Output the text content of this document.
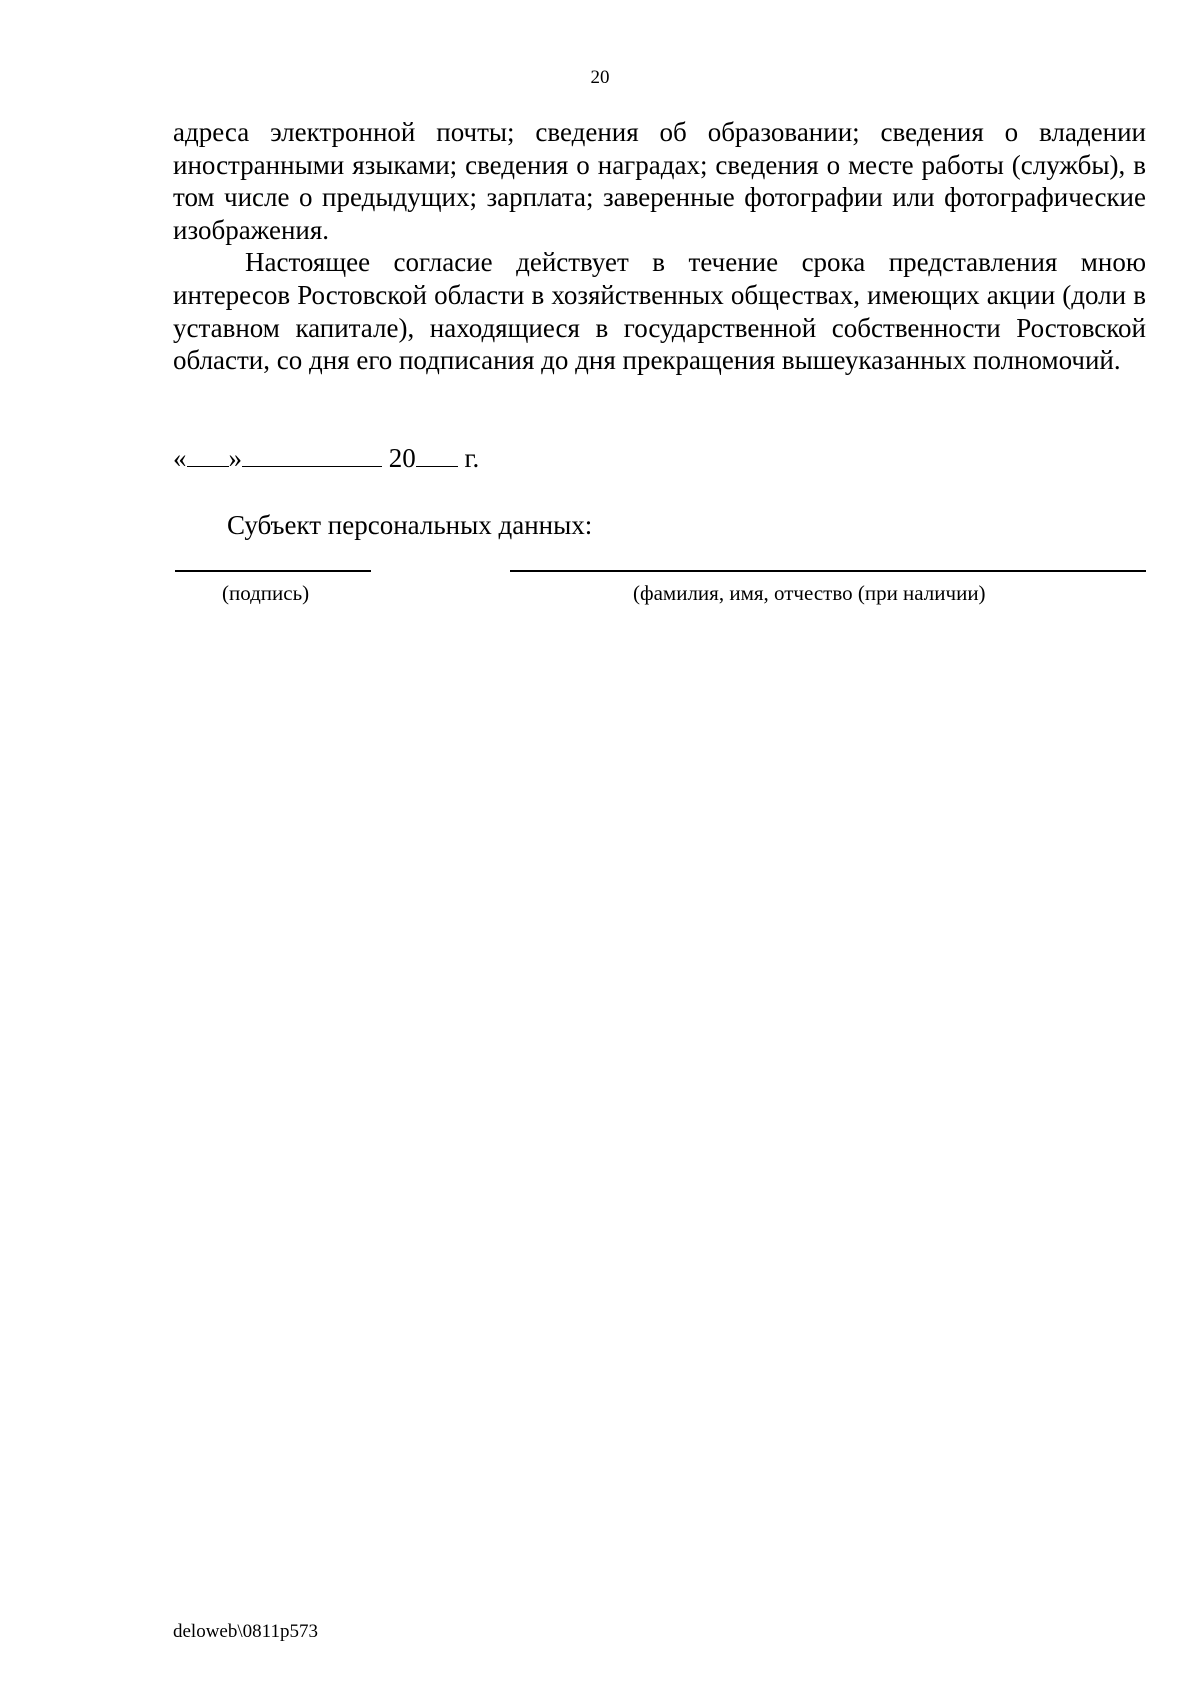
20

адреса электронной почты; сведения об образовании; сведения о владении иностранными языками; сведения о наградах; сведения о месте работы (службы), в том числе о предыдущих; зарплата; заверенные фотографии или фотографические изображения.

Настоящее согласие действует в течение срока представления мною интересов Ростовской области в хозяйственных обществах, имеющих акции (доли в уставном капитале), находящиеся в государственной собственности Ростовской области, со дня его подписания до дня прекращения вышеуказанных полномочий.

« »	20 г.
Субъект персональных данных:
(подпись)	(фамилия, имя, отчество (при наличии)
deloweb\0811p573
